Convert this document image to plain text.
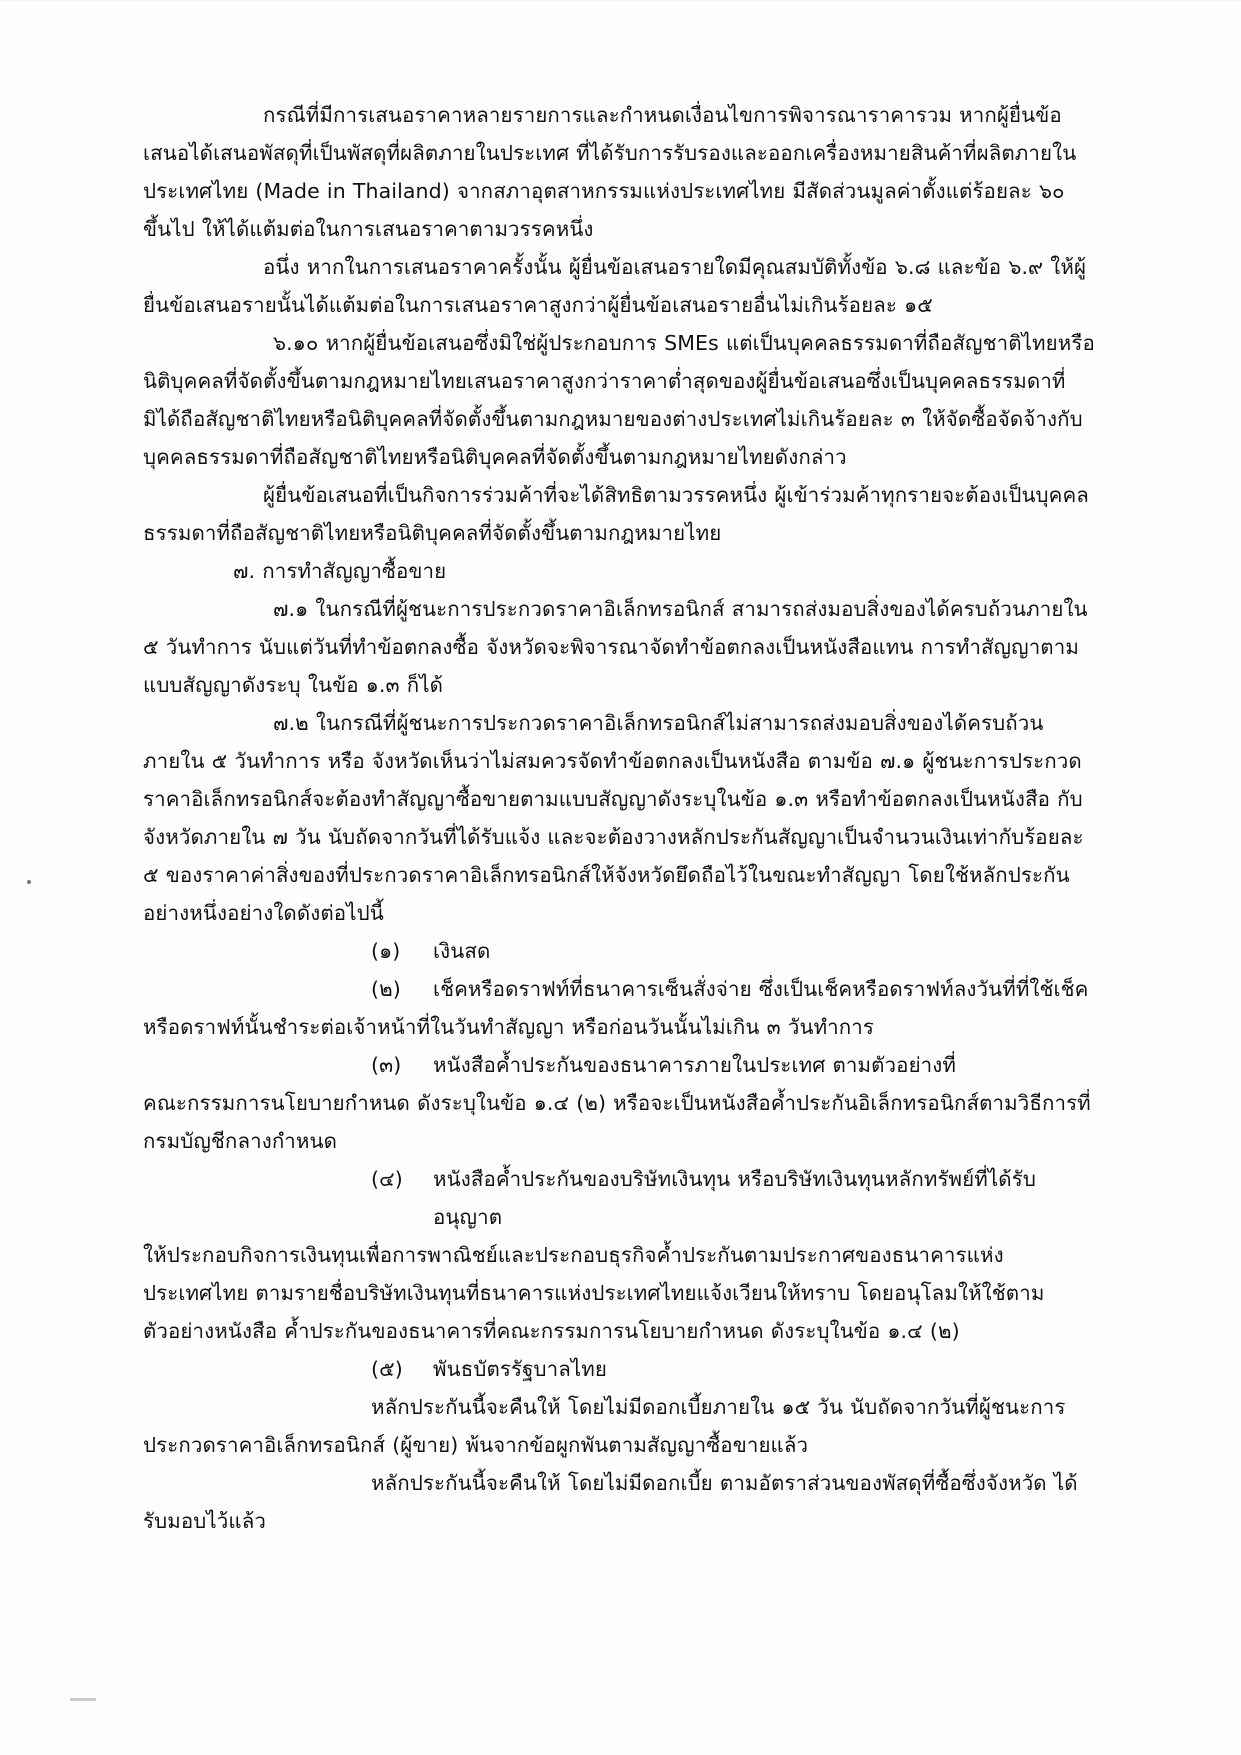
กรณีที่มีการเสนอราคาหลายรายการและกำหนดเงื่อนไขการพิจารณาราคารวม หากผู้ยื่นข้อเสนอได้เสนอพัสดุที่เป็นพัสดุที่ผลิตภายในประเทศ ที่ได้รับการรับรองและออกเครื่องหมายสินค้าที่ผลิตภายในประเทศไทย (Made in Thailand) จากสภาอุตสาหกรรมแห่งประเทศไทย มีสัดส่วนมูลค่าตั้งแต่ร้อยละ ๖๐ ขึ้นไป ให้ได้แต้มต่อในการเสนอราคาตามวรรคหนึ่ง

อนึ่ง หากในการเสนอราคาครั้งนั้น ผู้ยื่นข้อเสนอรายใดมีคุณสมบัติทั้งข้อ ๖.๘ และข้อ ๖.๙ ให้ผู้ยื่นข้อเสนอรายนั้นได้แต้มต่อในการเสนอราคาสูงกว่าผู้ยื่นข้อเสนอรายอื่นไม่เกินร้อยละ ๑๕

๖.๑๐ หากผู้ยื่นข้อเสนอซึ่งมิใช่ผู้ประกอบการ SMEs แต่เป็นบุคคลธรรมดาที่ถือสัญชาติไทยหรือนิติบุคคลที่จัดตั้งขึ้นตามกฎหมายไทยเสนอราคาสูงกว่าราคาต่ำสุดของผู้ยื่นข้อเสนอซึ่งเป็นบุคคลธรรมดาที่มิได้ถือสัญชาติไทยหรือนิติบุคคลที่จัดตั้งขึ้นตามกฎหมายของต่างประเทศไม่เกินร้อยละ ๓ ให้จัดซื้อจัดจ้างกับบุคคลธรรมดาที่ถือสัญชาติไทยหรือนิติบุคคลที่จัดตั้งขึ้นตามกฎหมายไทยดังกล่าว

ผู้ยื่นข้อเสนอที่เป็นกิจการร่วมค้าที่จะได้สิทธิตามวรรคหนึ่ง ผู้เข้าร่วมค้าทุกรายจะต้องเป็นบุคคลธรรมดาที่ถือสัญชาติไทยหรือนิติบุคคลที่จัดตั้งขึ้นตามกฎหมายไทย

๗. การทำสัญญาซื้อขาย

๗.๑ ในกรณีที่ผู้ชนะการประกวดราคาอิเล็กทรอนิกส์ สามารถส่งมอบสิ่งของได้ครบถ้วนภายใน ๕ วันทำการ นับแต่วันที่ทำข้อตกลงซื้อ จังหวัดจะพิจารณาจัดทำข้อตกลงเป็นหนังสือแทน การทำสัญญาตามแบบสัญญาดังระบุ ในข้อ ๑.๓ ก็ได้

๗.๒ ในกรณีที่ผู้ชนะการประกวดราคาอิเล็กทรอนิกส์ไม่สามารถส่งมอบสิ่งของได้ครบถ้วนภายใน ๕ วันทำการ หรือ จังหวัดเห็นว่าไม่สมควรจัดทำข้อตกลงเป็นหนังสือ ตามข้อ ๗.๑ ผู้ชนะการประกวดราคาอิเล็กทรอนิกส์จะต้องทำสัญญาซื้อขายตามแบบสัญญาดังระบุในข้อ ๑.๓ หรือทำข้อตกลงเป็นหนังสือ กับจังหวัดภายใน ๗ วัน นับถัดจากวันที่ได้รับแจ้ง และจะต้องวางหลักประกันสัญญาเป็นจำนวนเงินเท่ากับร้อยละ ๕ ของราคาค่าสิ่งของที่ประกวดราคาอิเล็กทรอนิกส์ให้จังหวัดยึดถือไว้ในขณะทำสัญญา โดยใช้หลักประกันอย่างหนึ่งอย่างใดดังต่อไปนี้

(๑)	เงินสด

(๒)	เช็คหรือดราฟท์ที่ธนาคารเซ็นสั่งจ่าย ซึ่งเป็นเช็คหรือดราฟท์ลงวันที่ที่ใช้เช็ค

หรือดราฟท์นั้นชำระต่อเจ้าหน้าที่ในวันทำสัญญา หรือก่อนวันนั้นไม่เกิน ๓ วันทำการ

(๓)	หนังสือค้ำประกันของธนาคารภายในประเทศ ตามตัวอย่างที่

คณะกรรมการนโยบายกำหนด ดังระบุในข้อ ๑.๔ (๒) หรือจะเป็นหนังสือค้ำประกันอิเล็กทรอนิกส์ตามวิธีการที่กรมบัญชีกลางกำหนด

(๔)	หนังสือค้ำประกันของบริษัทเงินทุน หรือบริษัทเงินทุนหลักทรัพย์ที่ได้รับอนุญาต

ให้ประกอบกิจการเงินทุนเพื่อการพาณิชย์และประกอบธุรกิจค้ำประกันตามประกาศของธนาคารแห่งประเทศไทย ตามรายชื่อบริษัทเงินทุนที่ธนาคารแห่งประเทศไทยแจ้งเวียนให้ทราบ โดยอนุโลมให้ใช้ตามตัวอย่างหนังสือ ค้ำประกันของธนาคารที่คณะกรรมการนโยบายกำหนด ดังระบุในข้อ ๑.๔ (๒)

(๕)	พันธบัตรรัฐบาลไทย

หลักประกันนี้จะคืนให้ โดยไม่มีดอกเบี้ยภายใน ๑๕ วัน นับถัดจากวันที่ผู้ชนะการประกวดราคาอิเล็กทรอนิกส์ (ผู้ขาย) พ้นจากข้อผูกพันตามสัญญาซื้อขายแล้ว

หลักประกันนี้จะคืนให้ โดยไม่มีดอกเบี้ย ตามอัตราส่วนของพัสดุที่ซื้อซึ่งจังหวัด ได้รับมอบไว้แล้ว
